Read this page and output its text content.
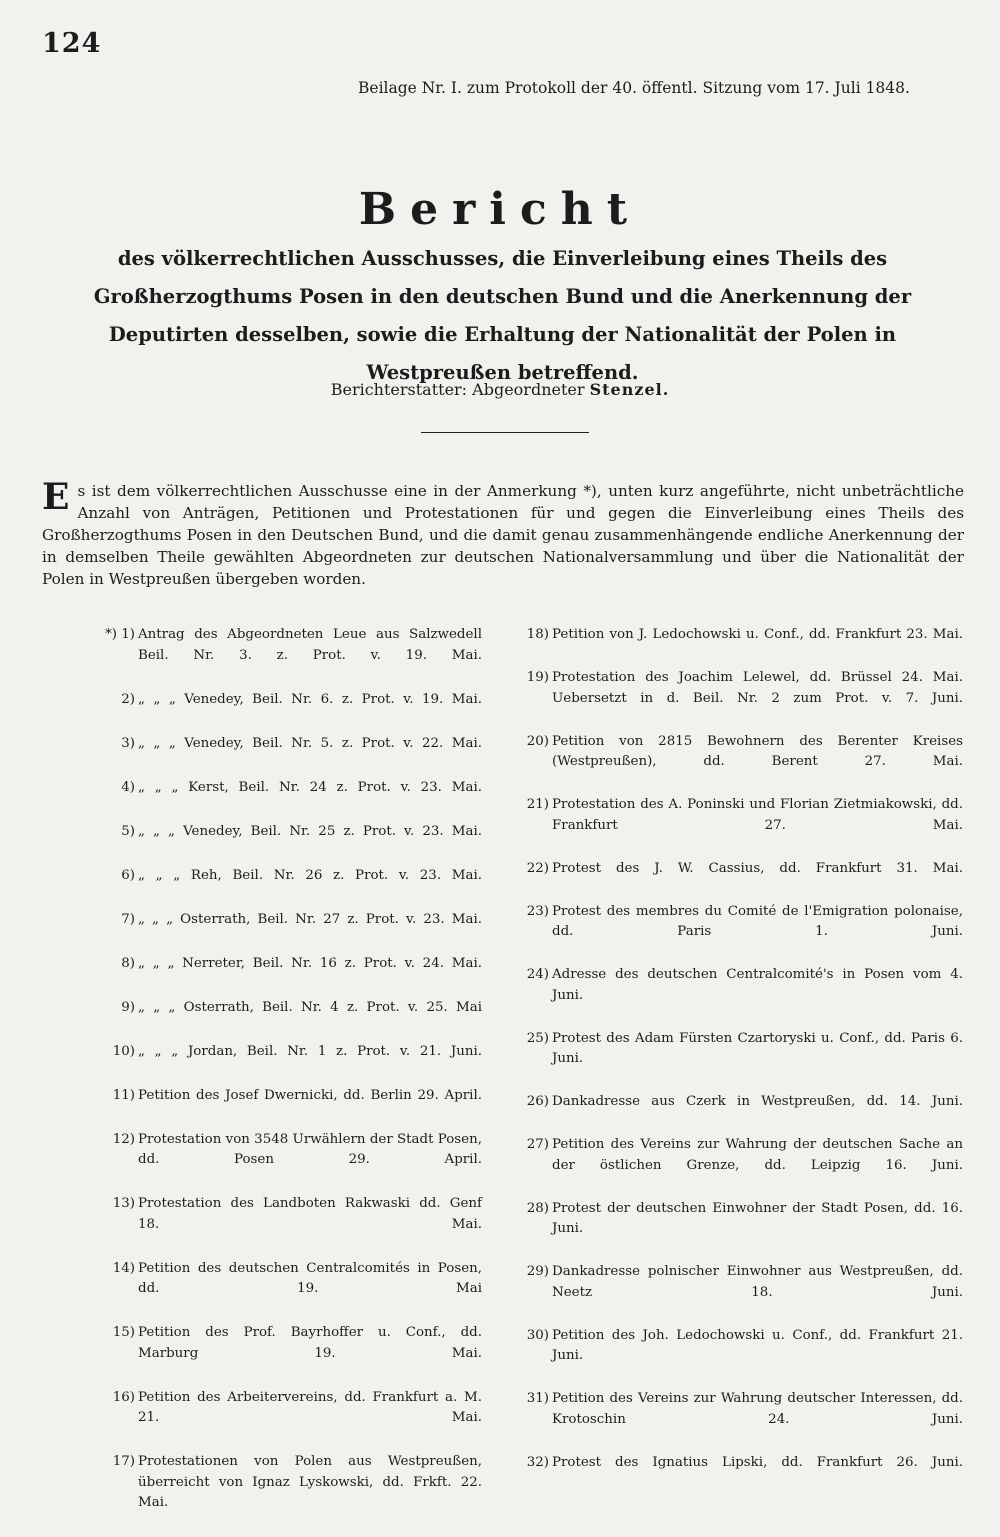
124
Beilage Nr. I. zum Protokoll der 40. öffentl. Sitzung vom 17. Juli 1848.
Bericht
des völkerrechtlichen Ausschusses, die Einverleibung eines Theils des Großherzogthums Posen in den deutschen Bund und die Anerkennung der Deputirten desselben, sowie die Erhaltung der Nationalität der Polen in Westpreußen betreffend.
Berichterstatter: Abgeordneter Stenzel.
E s ist dem völkerrechtlichen Ausschusse eine in der Anmerkung *), unten kurz angeführte, nicht unbeträchtliche Anzahl von Anträgen, Petitionen und Protestationen für und gegen die Einverleibung eines Theils des Großherzogthums Posen in den Deutschen Bund, und die damit genau zusammenhängende endliche Anerkennung der in demselben Theile gewählten Abgeordneten zur deutschen Nationalversammlung und über die Nationalität der Polen in Westpreußen übergeben worden.

*) 1) Antrag des Abgeordneten Leue aus Salzwedell Beil. Nr. 3. z. Prot. v. 19. Mai.

2) „ „ „ Venedey, Beil. Nr. 6. z. Prot. v. 19. Mai.

3) „ „ „ Venedey, Beil. Nr. 5. z. Prot. v. 22. Mai.

4) „ „ „ Kerst, Beil. Nr. 24 z. Prot. v. 23. Mai.

5) „ „ „ Venedey, Beil. Nr. 25 z. Prot. v. 23. Mai.

6) „ „ „ Reh, Beil. Nr. 26 z. Prot. v. 23. Mai.

7) „ „ „ Osterrath, Beil. Nr. 27 z. Prot. v. 23. Mai.

8) „ „ „ Nerreter, Beil. Nr. 16 z. Prot. v. 24. Mai.

9) „ „ „ Osterrath, Beil. Nr. 4 z. Prot. v. 25. Mai

10) „ „ „ Jordan, Beil. Nr. 1 z. Prot. v. 21. Juni.

11) Petition des Josef Dwernicki, dd. Berlin 29. April.

12) Protestation von 3548 Urwählern der Stadt Posen, dd. Posen 29. April.

13) Protestation des Landboten Rakwaski dd. Genf 18. Mai.

14) Petition des deutschen Centralcomités in Posen, dd. 19. Mai

15) Petition des Prof. Bayrhoffer u. Conf., dd. Marburg 19. Mai.

16) Petition des Arbeitervereins, dd. Frankfurt a. M. 21. Mai.

17) Protestationen von Polen aus Westpreußen, überreicht von Ignaz Lyskowski, dd. Frkft. 22. Mai.

18) Petition von J. Ledochowski u. Conf., dd. Frankfurt 23. Mai.

19) Protestation des Joachim Lelewel, dd. Brüssel 24. Mai. Uebersetzt in d. Beil. Nr. 2 zum Prot. v. 7. Juni.

20) Petition von 2815 Bewohnern des Berenter Kreises (Westpreußen), dd. Berent 27. Mai.

21) Protestation des A. Poninski und Florian Zietmiakowski, dd. Frankfurt 27. Mai.

22) Protest des J. W. Cassius, dd. Frankfurt 31. Mai.

23) Protest des membres du Comité de l'Emigration polonaise, dd. Paris 1. Juni.

24) Adresse des deutschen Centralcomité's in Posen vom 4. Juni.

25) Protest des Adam Fürsten Czartoryski u. Conf., dd. Paris 6. Juni.

26) Dankadresse aus Czerk in Westpreußen, dd. 14. Juni.

27) Petition des Vereins zur Wahrung der deutschen Sache an der östlichen Grenze, dd. Leipzig 16. Juni.

28) Protest der deutschen Einwohner der Stadt Posen, dd. 16. Juni.

29) Dankadresse polnischer Einwohner aus Westpreußen, dd. Neetz 18. Juni.

30) Petition des Joh. Ledochowski u. Conf., dd. Frankfurt 21. Juni.

31) Petition des Vereins zur Wahrung deutscher Interessen, dd. Krotoschin 24. Juni.

32) Protest des Ignatius Lipski, dd. Frankfurt 26. Juni.
